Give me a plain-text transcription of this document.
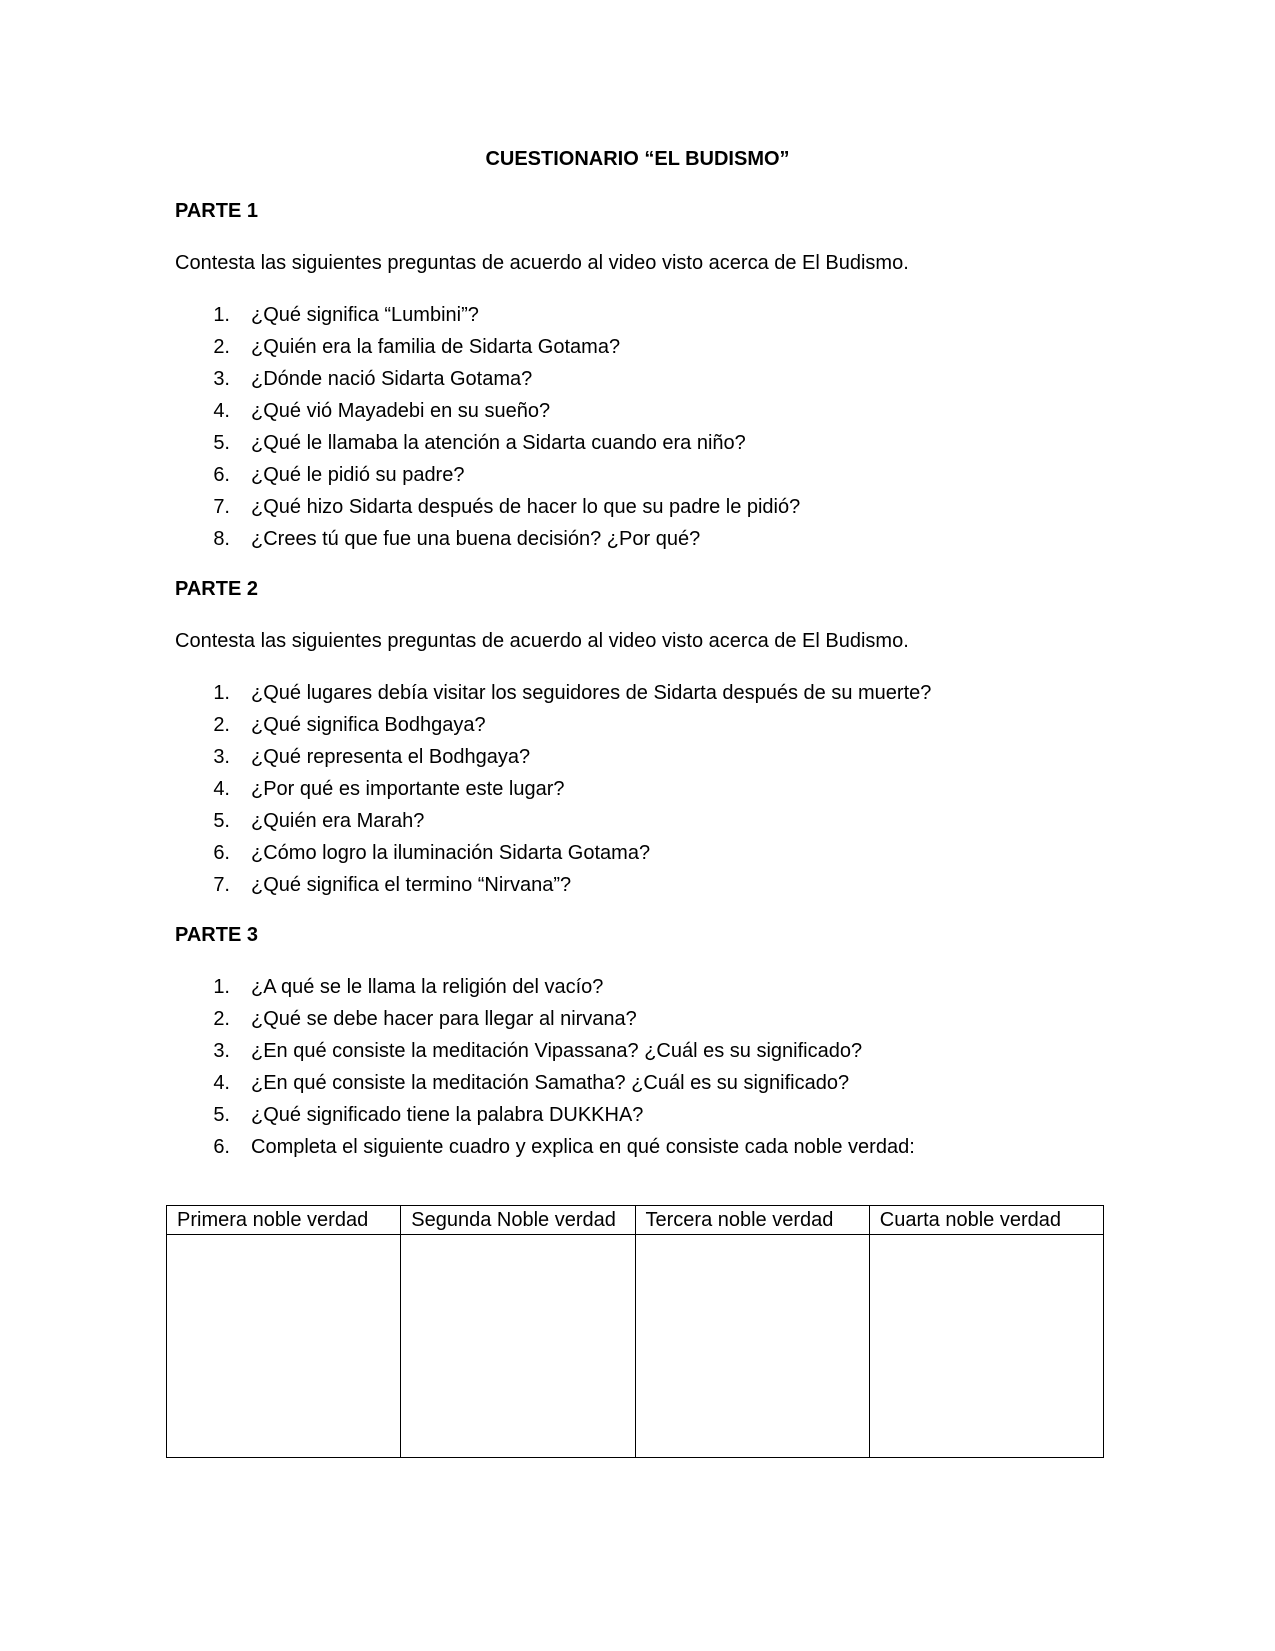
CUESTIONARIO “EL BUDISMO”
PARTE 1
Contesta las siguientes preguntas de acuerdo al video visto acerca de El Budismo.
1. ¿Qué significa “Lumbini”?
2. ¿Quién era la familia de Sidarta Gotama?
3. ¿Dónde nació Sidarta Gotama?
4. ¿Qué vió Mayadebi en su sueño?
5. ¿Qué le llamaba la atención a Sidarta cuando era niño?
6. ¿Qué le pidió su padre?
7. ¿Qué hizo Sidarta después de hacer lo que su padre le pidió?
8. ¿Crees tú que fue una buena decisión? ¿Por qué?
PARTE 2
Contesta las siguientes preguntas de acuerdo al video visto acerca de El Budismo.
1. ¿Qué lugares debía visitar los seguidores de Sidarta después de su muerte?
2. ¿Qué significa Bodhgaya?
3. ¿Qué representa el Bodhgaya?
4. ¿Por qué es importante este lugar?
5. ¿Quién era Marah?
6. ¿Cómo logro la iluminación Sidarta Gotama?
7. ¿Qué significa el termino “Nirvana”?
PARTE 3
1. ¿A qué se le llama la religión del vacío?
2. ¿Qué se debe hacer para llegar al nirvana?
3. ¿En qué consiste la meditación Vipassana? ¿Cuál es su significado?
4. ¿En qué consiste la meditación Samatha? ¿Cuál es su significado?
5. ¿Qué significado tiene la palabra DUKKHA?
6. Completa el siguiente cuadro y explica en qué consiste cada noble verdad:
Primera noble verdad	Segunda Noble verdad	Tercera noble verdad	Cuarta noble verdad
